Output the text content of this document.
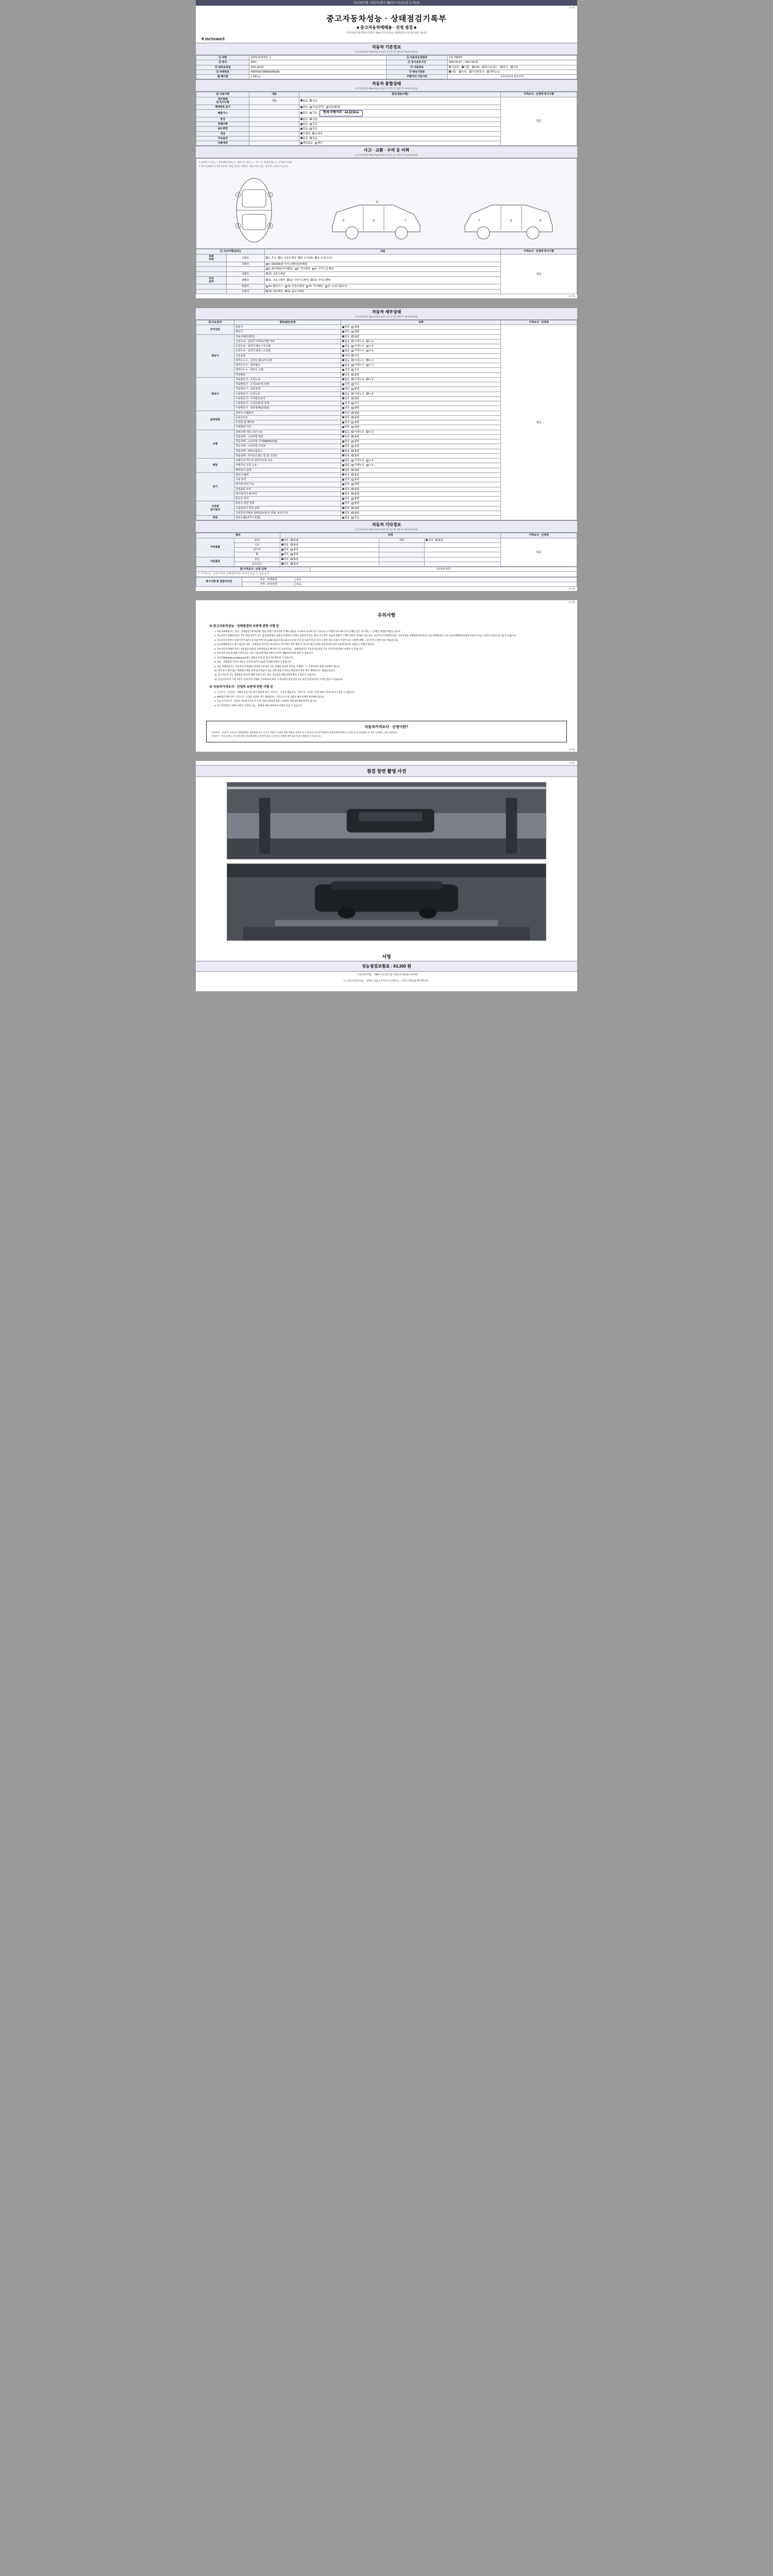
자동차관리법 시행규칙 [별지 제82호서식] (제 3면 중 제1면)
(3-1면)
중고자동차성능 · 상태점검기록부
■ 중고자동차매매용 · 선정 점검 ■
(자동차관리법시행규칙 별지 제82호서식) [성능·상태점검기록부 발급번호 제1호]
제 2527533626호
자동차 기본정보
(자동차관리법 제58조제1항 제3호 및 같은 법 시행규칙 제120조제1항)
① 차명	GV70 (4세대일 ↑)	② 자동차등록번호	170 머8925
③ 연식	2021	④ 검사유효기간	2025-00-07 ~ 2027-06-00
⑤ 최초등록일	2021-00-07	⑦ 사용연료	가솔린 디젤 LPG 하이브리드 전기 기타
⑧ 차대번호	KMTRA6T68NKA305028	⑨ 변속기종류	자동 수동 무단변속기 세미오토
⑩ 배기량	2,199 cc	주행거리 기준거리	0 0 0 0 0 0 킬로미터
자동차 종합상태
(자동차관리법 제58조제1항 제3호 및 같은 법 시행규칙 제120조제1항)
⑫ 사용이력	내용	점검내용(사항)	가격조사 · 산정액 특기사항
권리침해
및 특기사항	내용	없음 있음	없음
계약번호 표기		없음 있음(원부) 있음(불법)	
배출가스		없음 있음 현재 주행거리 : 44,321Km	
튜닝		없음 있음	
특별이력		없음 있음	
용도변경		없음 있음	
색상		무채색 유채색	
주요옵션		없음 있음	
리콜대상		해당없음 해당	
사고 · 교환 · 수리 등 이력
(자동차관리법 제58조제1항 제3호 및 같은 법 시행규칙 제120조제1항)
※ (상태표시 부호) ○ : 양호(해당 없음) / X : 교환 / W : 판금 / C : 부식 / A : 흠집(긁힘) / U : 요철(찌그러짐)
※ 하단 상태에서 표기된 부분에는 해당 기호를 기재하고, 해당 부위가 없는 경우에는 공란으로 둡니다.
1	2
3	4
5	6	7
8
5
6
7
① 사고이력(유/무)		내용	가격조사 · 산정액 특기사항
외판
부위	1랭크	1. 후드 2. 프론트패널 3. 도어(좌) 4. 트렁크리드	없음
	2랭크	5. (DOOR)좌 사이드(휀더)(좌패널)	
		9. 쿼터패널(리어휀더) 7. 루프패널 8. 사이드실 패널	
	3랭크	10. 프론트패널	
주요
골격	A랭크	11. 크로스멤버 12. 인사이드패널 13. 사이드멤버	
	B랭크	14. 휠하우스 15. 프론트패널 16. 리어패널 17. 트렁크플로어	
	C랭크	18. 대쉬패널 19. 플로어패널	
(3-1면)
자동차 세부상태
(자동차관리법 제58조제1항 제3호 및 같은 법 시행규칙 제120조제1항)
⑬ 주요장치	항목/판단상태	상태	가격조사 · 산정액
자기진단	원동기	양호 불량	없음
	변속기	양호 불량	
원동기	작동상태(공회전)	양호 불량	
	오일누유 - 실린더 커버/로커암 커버	없음 미세누유 누유	
	오일누유 - 실린더 헤드 / 가스켓	없음 미세누유 누유	
	오일누유 - 실린더 블록 / 오일팬	없음 미세누유 누유	
	오일유량	적정 부족	
	냉각수누수 - 실린더 헤드/가스켓	없음 미세누수 누수	
	냉각수누수 - 워터펌프	없음 미세누수 누수	
	냉각수누수 - 냉각수 수량	적정 부족	
	커먼레일	양호 불량	
변속기	자동변속기 - 오일누유	없음 미세누유 누유	
	자동변속기 - 오일유량 및 상태	적정 부족	
	자동변속기 - 작동상태	양호 불량	
	수동변속기 - 오일누유	없음 미세누유 누유	
	수동변속기 - 기어변속장치	양호 불량	
	수동변속기 - 오일유량 및 상태	적정 부족	
	수동변속기 - 작동상태(공회전)	양호 불량	
동력전달	클러치 어셈블리	양호 불량	
	등속조인트	양호 불량	
	추진축 및 베어링	양호 불량	
	디퍼렌셜 기어	양호 불량	
조향	동력조향 작동 오일 누유	없음 미세누유 누유	
	작동상태 - 스티어링 펌프	양호 불량	
	작동상태 - 스티어링 기어(MDPS포함)	양호 불량	
	작동상태 - 스티어링 조인트	양호 불량	
	작동상태 - 파워고압호스	양호 불량	
	작동상태 - 타이로드엔드 및 볼 조인트	양호 불량	
제동	브레이크 마스터 실린더오일 누유	없음 미세누유 누유	
	브레이크 오일 누유	없음 미세누유 누유	
	배력장치 상태	양호 불량	
전기	발전기 출력	양호 불량	
	시동 모터	양호 불량	
	와이퍼 모터 기능	양호 불량	
	실내송풍 모터	양호 불량	
	라디에이터 팬 모터	양호 불량	
	윈도우 모터	양호 불량	
고전원
전기장치	충전구 절연 상태	양호 불량	
	구동축전지 격리 상태	양호 불량	
	고전원전기배선 상태(접속단자, 피복, 보호기구)	양호 불량	
연료	연료누출(LP가스포함)	없음 있음	
자동차 기타정보
(자동차관리법 제58조제1항 제3호 및 같은 법 시행규칙 제120조제1항)
항목		상태			가격조사 · 산정액
사내용품	유리	양호 불량	내장	양호 불량	없음
	시트	양호 불량			
	타이어	양호 불량			
	휠	양호 불량			
기본품목	쿠션	양호 불량			
	보조공구	양호 불량			
㉔ 가격조사 · 산정 금액	0 0 0 0 만원
※ 가격조사 · 산정가격과 실매매금액은 차이가 있을 수 있습니다.
특기사항 및 점검자의견	성능 · 상태점검	없음
	가격 · 조사산정	없음
(3-1면)
(3-2면)
유의사항
※ 중고자동차성능 · 상태점검의 보증에 관한 사항 등
1. 자동차매매업자는 성능 · 상태점검기록부(이하 "성능 상태 기록부")에 기재한 내용을 고지하지 아니하거나 거짓으로 고지했으로써 매수인이 손해를 입은 경우에는 그 손해를 배상할 책임을 집니다.
2. 자동차인수자(매수인)가 거전 점검 검사가 인도 검사(출원검사 내용을 허위하여 이해의 실질인자 있는 경우) 주요장치 성능에 대하여 기재한 내용이 실제와 다를 경우, 자동차 인수자(매수인)는 자동차성능 상태점검자(자동차 성능·상태점검자 소속 자동차매매업자)에게 보증수리 또는 수리비 보상을 청구할 수 있습니다.
3. 자동차인수일부터 보증기간이 30일 및 보증주행거리 2,000 킬로미터로 합니다 (보증기간 및 보증거리 중 먼저 도달한 것을 보증의 이상이 되는 사항에 대해 그 중 먼저 도달한 것을 적용합니다).
4. 자동차매매업자는 중고자동차 성능 · 상태점검기록부를 제시한다는 의미에서 계약 체결 전 자동차 매수인에게 제공하여야 하며 보증에 필요한 사항을 고지해야 합니다.
5. 자동차인수자(매수인)가 성능점검 내용을 교부받았음을 확인하고자 자동차성능 · 상태점검자의 자동차성능점검 기록 사본을 발급받아 보관할 수 있습니다.
6. 자동차의 성능에 대해 이견이 있는 경우 자동차관리법 시행규칙 별지 제82호에 따라 정할 수 있습니다.
7. 자동차365(www.car365.go.kr)에서 내용을 조회 및 검사이력 확인할 수 있습니다.
8. 성능 · 상태점검 기록부 내용은 교부일로부터 120일 이내에 한하여 유효합니다.
9. 성능 상태점검자는 자동차인수자(매수인)에게 자동차의 성능 상태를 점검한 결과를 기재하고 그 기재사항에 대해 보증해야 합니다.
10. 매수자가 계약 또는 매매계약 체결 전에 중고자동차 성능 상태 점검 기록부를 확인하지 못한 경우 매매업자는 책임을 집니다.
11. 중고자동차 성능 상태점검 결과에 대해 이견이 있는 경우 성능점검 책임자에게 확인 요청할 수 있습니다.
12. 점검기록부의 기재 사항은 실제 차량 상태와 일치하여야 하며, 기재사항이 불일치할 경우 관련 법령에 따른 조치를 받을 수 있습니다.
※ 자동차가격조사 · 산정의 보증에 관한 사항 등
1. 가격조사 · 산정자는 사례와 실질기준 방식 방법에 따라 가격조사 · 산정을 했습니다. 가격조사 · 산정은 실제 매매 가격과 차이가 있을 수 있습니다.
2. 매매업자 매수인이 가격조사 · 산정을 의뢰한 경우 매매업자는 가격조사 산정 내용을 매수인에게 제공해야 합니다.
3. 자동차가격조사 · 산정은 자동차가격조사·산정 기준과 방법에 따라 산정하며 객관성을 확보하여야 합니다.
4. 특기사항란에 기재된 내용은 차량의 성능 · 상태에 대한 판매자의 설명과 다를 수 있습니다.
자동차가격조사 · 산정이란?

"가격조사 · 산정"은 소비자가 매매계약을 체결함에 있어 중고차 차량의 가격에 대한 객관적 정보를 얻기 위하여 자동차가격조사·산정자에게 차량의 가격을 조사·산정하여 줄 것을 요청하는 것을 말합니다.

가격조사 · 산정 결과는 중고자동차의 권리에 대해 구속력이 없으 소비자의 구매에 대한 참고자료로 활용될 수 있습니다.

(3-2면)
(3-3면)
점검 장면 촬영 사진
서명
성능점검보험료 : 63,300 원
「자동차관리법」 제58조 및 같은 법 시행규칙 제120조에 따라
[ ↑ ] 중고자동차성능 · 상태를 점검, [ 가격조사·산정하고 · 산정 ] 사항임을 확인합니다.
